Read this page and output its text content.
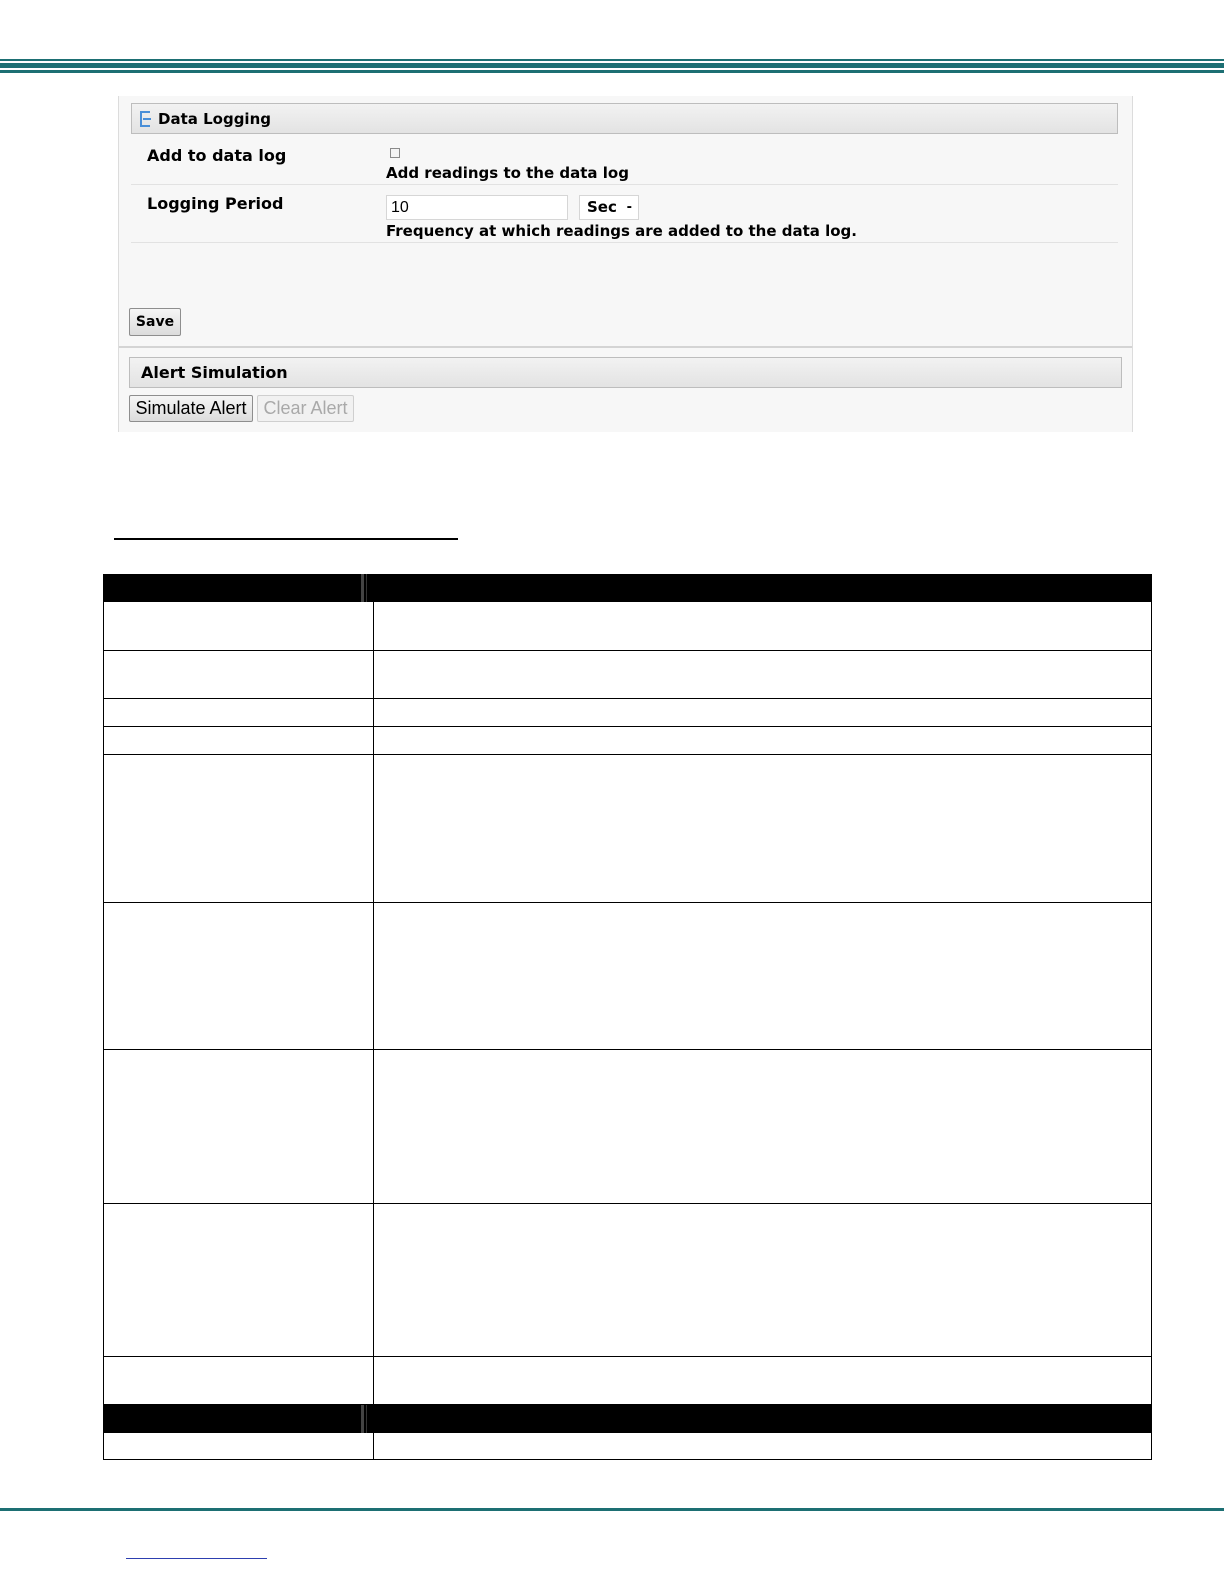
Data Logging
Add to data log
Add readings to the data log
Logging Period	10	Sec -
Frequency at which readings are added to the data log.
Save
Alert Simulation
Simulate Alert Clear Alert
